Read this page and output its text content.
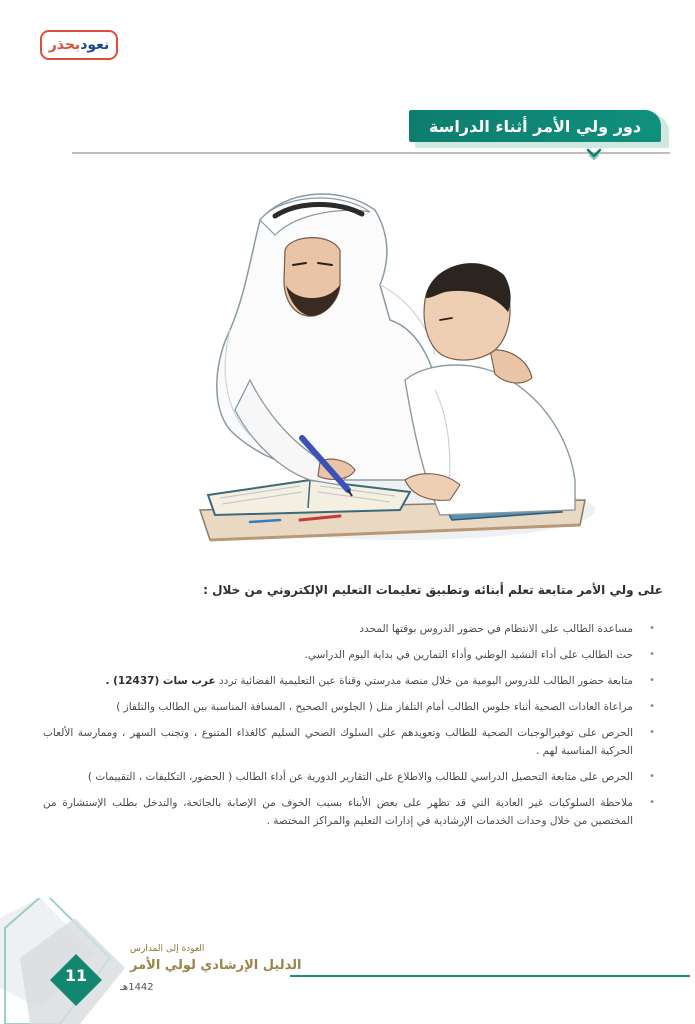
نعودبحذر
دور ولي الأمر أثناء الدراسة

على ولي الأمر متابعة تعلم أبنائه وتطبيق تعليمات التعليم الإلكتروني من خلال :

• مساعدة الطالب على الانتظام في حضور الدروس بوقتها المحدد
• حث الطالب على أداء النشيد الوطني وأداء التمارين في بداية اليوم الدراسي.
• متابعة حضور الطالب للدروس اليومية من خلال منصة مدرستي وقناة عين التعليمية الفضائية تردد عرب سات (12437) .
• مراعاة العادات الصحية أثناء جلوس الطالب أمام التلفاز مثل ( الجلوس الصحيح ، المسافة المناسبة بين الطالب والتلفاز )
• الحرص على توفيرالوجبات الصحية للطالب وتعويدهم على السلوك الصحي السليم كالغذاء المتنوع ، وتجنب السهر ، وممارسة الألعاب الحركية المناسبة لهم .
• الحرص على متابعة التحصيل الدراسي للطالب والاطلاع على التقارير الدورية عن أداء الطالب ( الحضور، التكليفات ، التقييمات )
• ملاحظة السلوكيات غير العادية التي قد تظهر على بعض الأبناء بسبب الخوف من الإصابة بالجائحة، والتدخل بطلب الإستشارة من المختصين من خلال وحدات الخدمات الإرشادية في إدارات التعليم والمراكز المختصة .
11
العودة إلى المدارس
الدليل الإرشادي لولي الأمر
1442هـ
